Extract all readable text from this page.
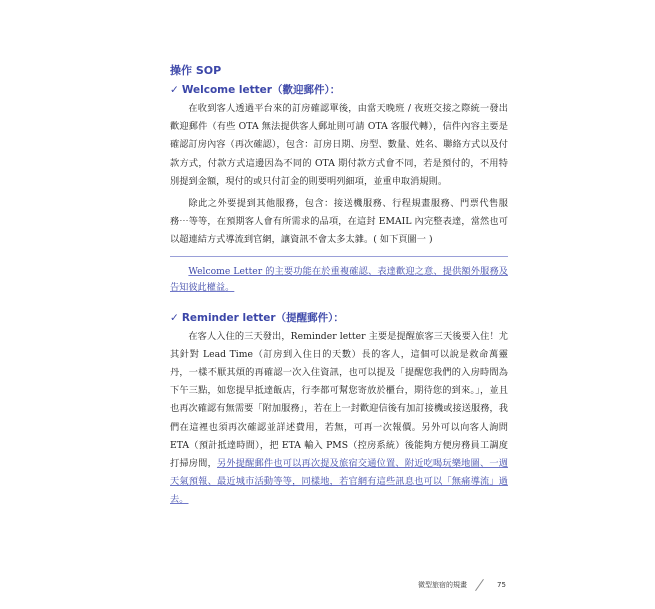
操作 SOP
✓ Welcome letter（歡迎郵件）：

在收到客人透過平台來的訂房確認單後，由當天晚班 / 夜班交接之際統一發出歡迎郵件（有些 OTA 無法提供客人郵址則可請 OTA 客服代轉），信件內容主要是確認訂房內容（再次確認），包含：訂房日期、房型、數量、姓名、聯絡方式以及付款方式，付款方式這邊因為不同的 OTA 期付款方式會不同，若是預付的，不用特別提到金額，現付的或只付訂金的則要明列細項，並重申取消規則。

除此之外要提到其他服務，包含：接送機服務、行程規畫服務、門票代售服務⋯等等，在預期客人會有所需求的品項，在這封 EMAIL 內完整表達，當然也可以超連結方式導流到官網，讓資訊不會太多太雜。( 如下頁圖一 )

Welcome Letter 的主要功能在於重複確認、表達歡迎之意、提供額外服務及告知彼此權益。
✓ Reminder letter（提醒郵件）：

在客人入住的三天發出，Reminder letter 主要是提醒旅客三天後要入住！尤其針對 Lead Time（訂房到入住日的天數）長的客人，這個可以說是救命萬靈丹，一樣不厭其煩的再確認一次入住資訊，也可以提及「提醒您我們的入房時間為下午三點，如您提早抵達飯店，行李都可幫您寄放於櫃台，期待您的到來。」，並且也再次確認有無需要「附加服務」，若在上一封歡迎信後有加訂接機或接送服務，我們在這裡也須再次確認並詳述費用，若無，可再一次報價。另外可以向客人詢問 ETA（預計抵達時間），把 ETA 輸入 PMS（控房系統）後能夠方便房務員工調度打掃房間，另外提醒郵件也可以再次提及旅宿交通位置、附近吃喝玩樂地圖、一週天氣預報、最近城市活動等等，同樣地，若官網有這些訊息也可以「無痛導流」過去。

微型旅宿的規畫	75
